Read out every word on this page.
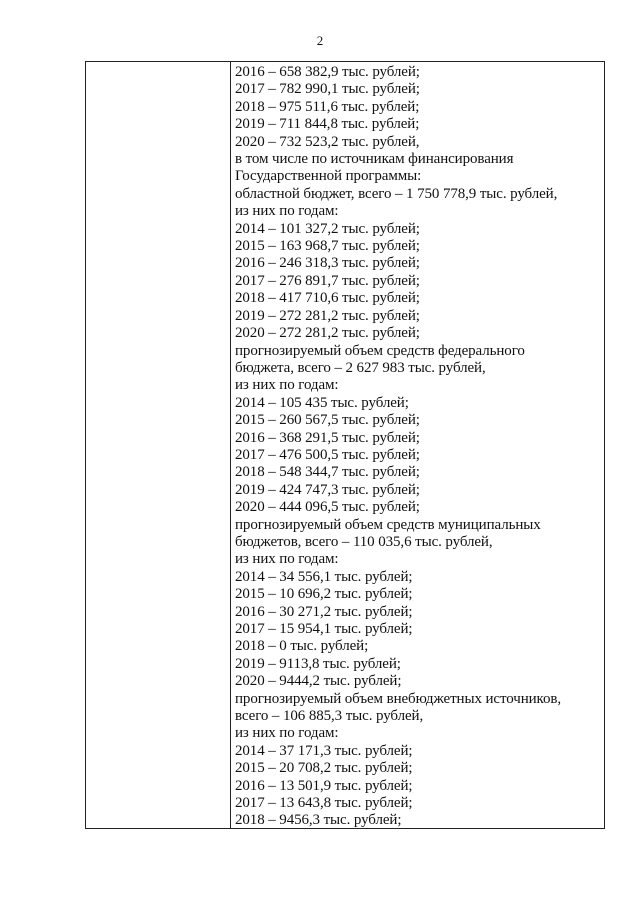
2
2016 – 658 382,9 тыс. рублей;
2017 – 782 990,1 тыс. рублей;
2018 – 975 511,6 тыс. рублей;
2019 – 711 844,8 тыс. рублей;
2020 – 732 523,2 тыс. рублей,
в том числе по источникам финансирования
Государственной программы:
областной бюджет, всего – 1 750 778,9 тыс. рублей,
из них по годам:
2014 – 101 327,2 тыс. рублей;
2015 – 163 968,7 тыс. рублей;
2016 – 246 318,3 тыс. рублей;
2017 – 276 891,7 тыс. рублей;
2018 – 417 710,6 тыс. рублей;
2019 – 272 281,2 тыс. рублей;
2020 – 272 281,2 тыс. рублей;
прогнозируемый объем средств федерального
бюджета, всего – 2 627 983 тыс. рублей,
из них по годам:
2014 – 105 435 тыс. рублей;
2015 – 260 567,5 тыс. рублей;
2016 – 368 291,5 тыс. рублей;
2017 – 476 500,5 тыс. рублей;
2018 – 548 344,7 тыс. рублей;
2019 – 424 747,3 тыс. рублей;
2020 – 444 096,5 тыс. рублей;
прогнозируемый объем средств муниципальных
бюджетов, всего – 110 035,6 тыс. рублей,
из них по годам:
2014 – 34 556,1 тыс. рублей;
2015 – 10 696,2 тыс. рублей;
2016 – 30 271,2 тыс. рублей;
2017 – 15 954,1 тыс. рублей;
2018 – 0 тыс. рублей;
2019 – 9113,8 тыс. рублей;
2020 – 9444,2 тыс. рублей;
прогнозируемый объем внебюджетных источников,
всего – 106 885,3 тыс. рублей,
из них по годам:
2014 – 37 171,3 тыс. рублей;
2015 – 20 708,2 тыс. рублей;
2016 – 13 501,9 тыс. рублей;
2017 – 13 643,8 тыс. рублей;
2018 – 9456,3 тыс. рублей;
